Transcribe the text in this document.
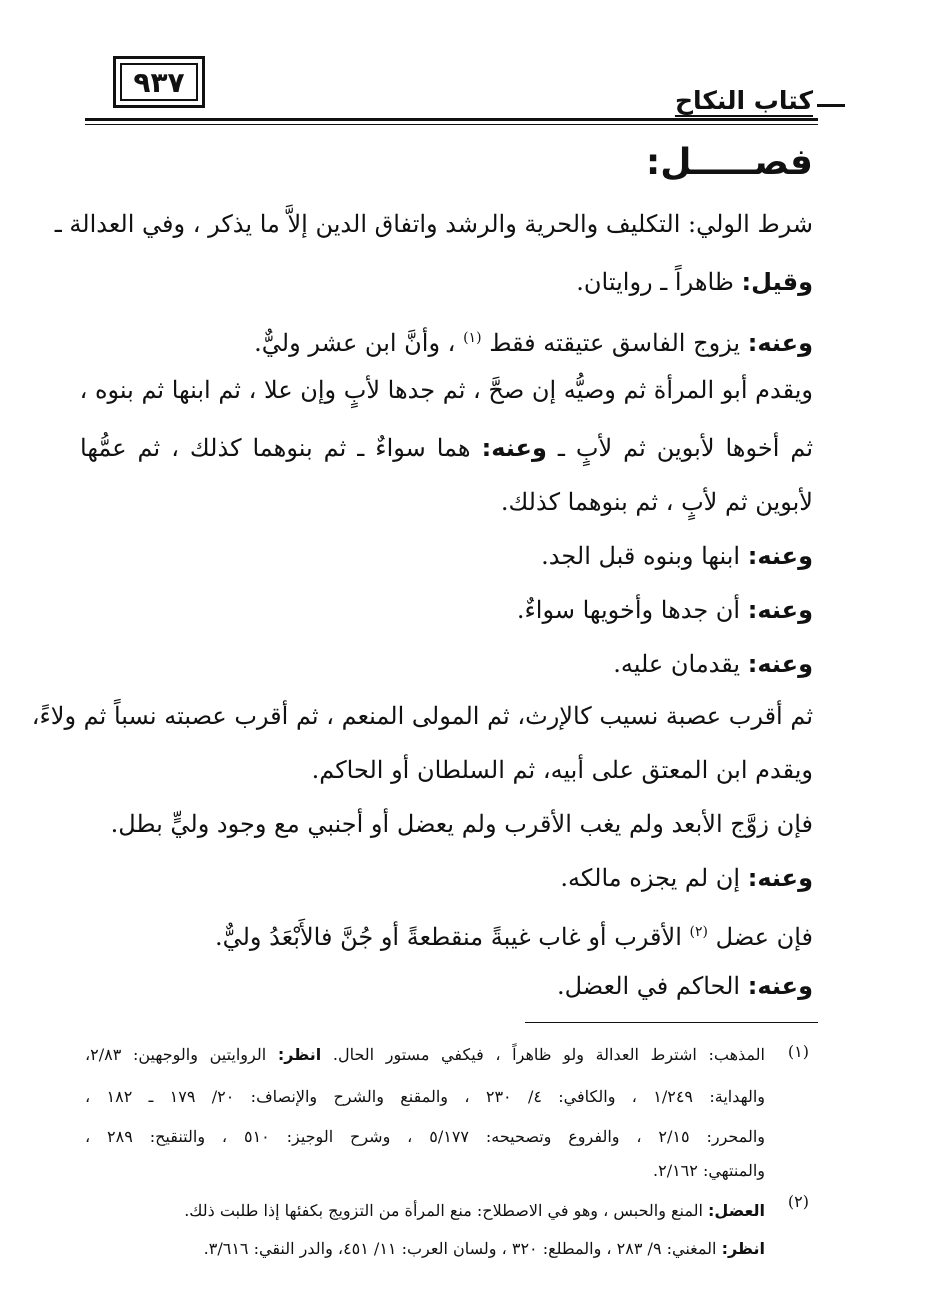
٩٣٧
كتاب النكاح
فصـــــل:
شرط الولي: التكليف والحرية والرشد واتفاق الدين إلاَّ ما يذكر ، وفي العدالة ـ
وقيل: ظاهراً ـ روايتان.
وعنه: يزوج الفاسق عتيقته فقط $^{(١)}$ ، وأنَّ ابن عشر وليٌّ.
ويقدم أبو المرأة ثم وصيُّه إن صحَّ ، ثم جدها لأبٍ وإن علا ، ثم ابنها ثم بنوه ،
ثم أخوها لأبوين ثم لأبٍ ـ وعنه: هما سواءٌ ـ ثم بنوهما كذلك ، ثم عمُّها
لأبوين ثم لأبٍ ، ثم بنوهما كذلك.
وعنه: ابنها وبنوه قبل الجد.
وعنه: أن جدها وأخويها سواءٌ.
وعنه: يقدمان عليه.
ثم أقرب عصبة نسيب كالإرث، ثم المولى المنعم ، ثم أقرب عصبته نسباً ثم ولاءً،
ويقدم ابن المعتق على أبيه، ثم السلطان أو الحاكم.
فإن زوَّج الأبعد ولم يغب الأقرب ولم يعضل أو أجنبي مع وجود وليٍّ بطل.
وعنه: إن لم يجزه مالكه.
فإن عضل $^{(٢)}$ الأقرب أو غاب غيبةً منقطعةً أو جُنَّ فالأَبْعَدُ وليٌّ.
وعنه: الحاكم في العضل.
(١)
المذهب: اشترط العدالة ولو ظاهراً ، فيكفي مستور الحال. انظر: الروايتين والوجهين: ٢/٨٣،
والهداية: ١/٢٤٩ ، والكافي: ٤/ ٢٣٠ ، والمقنع والشرح والإنصاف: ٢٠/ ١٧٩ ـ ١٨٢ ،
والمحرر: ٢/١٥ ، والفروع وتصحيحه: ٥/١٧٧ ، وشرح الوجيز: ٥١٠ ، والتنقيح: ٢٨٩ ،
والمنتهي: ٢/١٦٢.
(٢)
العضل: المنع والحبس ، وهو في الاصطلاح: منع المرأة من التزويج بكفئها إذا طلبت ذلك.
انظر: المغني: ٩/ ٢٨٣ ، والمطلع: ٣٢٠ ، ولسان العرب: ١١/ ٤٥١، والدر النقي: ٣/٦١٦.
